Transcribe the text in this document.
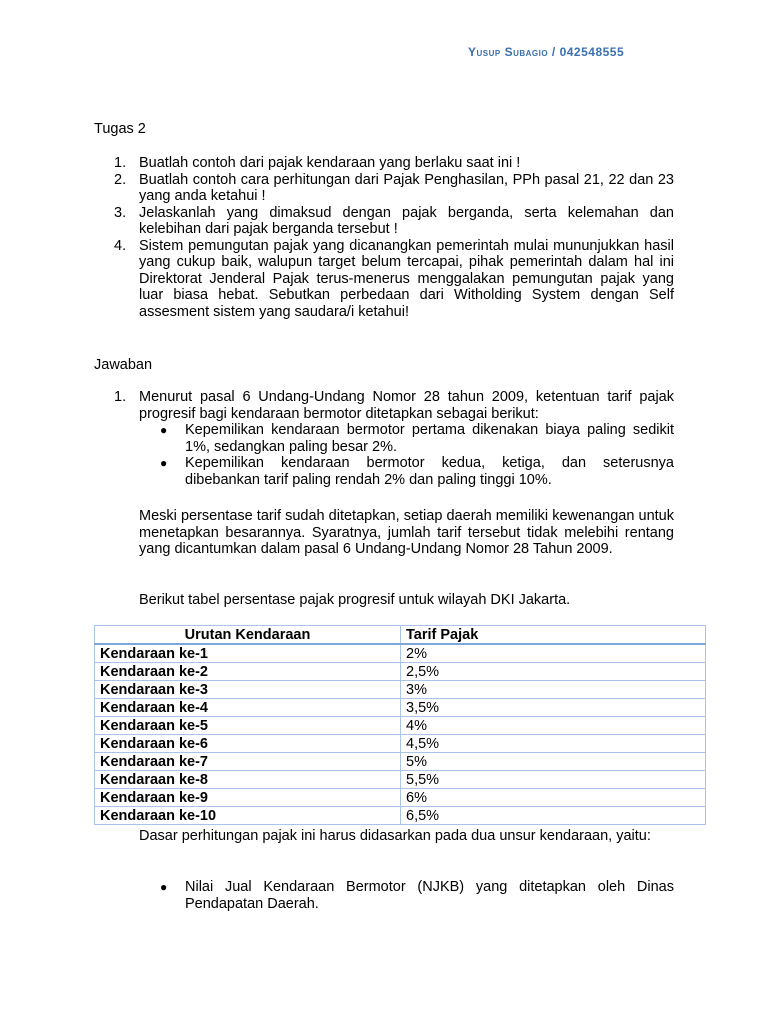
Yusup Subagio / 042548555
Tugas 2
1. Buatlah contoh dari pajak kendaraan yang berlaku saat ini !
2. Buatlah contoh cara perhitungan dari Pajak Penghasilan, PPh pasal 21, 22 dan 23 yang anda ketahui !
3. Jelaskanlah yang dimaksud dengan pajak berganda, serta kelemahan dan kelebihan dari pajak berganda tersebut !
4. Sistem pemungutan pajak yang dicanangkan pemerintah mulai mununjukkan hasil yang cukup baik, walupun target belum tercapai, pihak pemerintah dalam hal ini Direktorat Jenderal Pajak terus-menerus menggalakan pemungutan pajak yang luar biasa hebat. Sebutkan perbedaan dari Witholding System dengan Self assesment sistem yang saudara/i ketahui!
Jawaban
1. Menurut pasal 6 Undang-Undang Nomor 28 tahun 2009, ketentuan tarif pajak progresif bagi kendaraan bermotor ditetapkan sebagai berikut:
● Kepemilikan kendaraan bermotor pertama dikenakan biaya paling sedikit 1%, sedangkan paling besar 2%.
● Kepemilikan kendaraan bermotor kedua, ketiga, dan seterusnya dibebankan tarif paling rendah 2% dan paling tinggi 10%.
Meski persentase tarif sudah ditetapkan, setiap daerah memiliki kewenangan untuk menetapkan besarannya. Syaratnya, jumlah tarif tersebut tidak melebihi rentang yang dicantumkan dalam pasal 6 Undang-Undang Nomor 28 Tahun 2009.
Berikut tabel persentase pajak progresif untuk wilayah DKI Jakarta.
Urutan Kendaraan	Tarif Pajak
Kendaraan ke-1	2%
Kendaraan ke-2	2,5%
Kendaraan ke-3	3%
Kendaraan ke-4	3,5%
Kendaraan ke-5	4%
Kendaraan ke-6	4,5%
Kendaraan ke-7	5%
Kendaraan ke-8	5,5%
Kendaraan ke-9	6%
Kendaraan ke-10	6,5%
Dasar perhitungan pajak ini harus didasarkan pada dua unsur kendaraan, yaitu:
● Nilai Jual Kendaraan Bermotor (NJKB) yang ditetapkan oleh Dinas Pendapatan Daerah.
